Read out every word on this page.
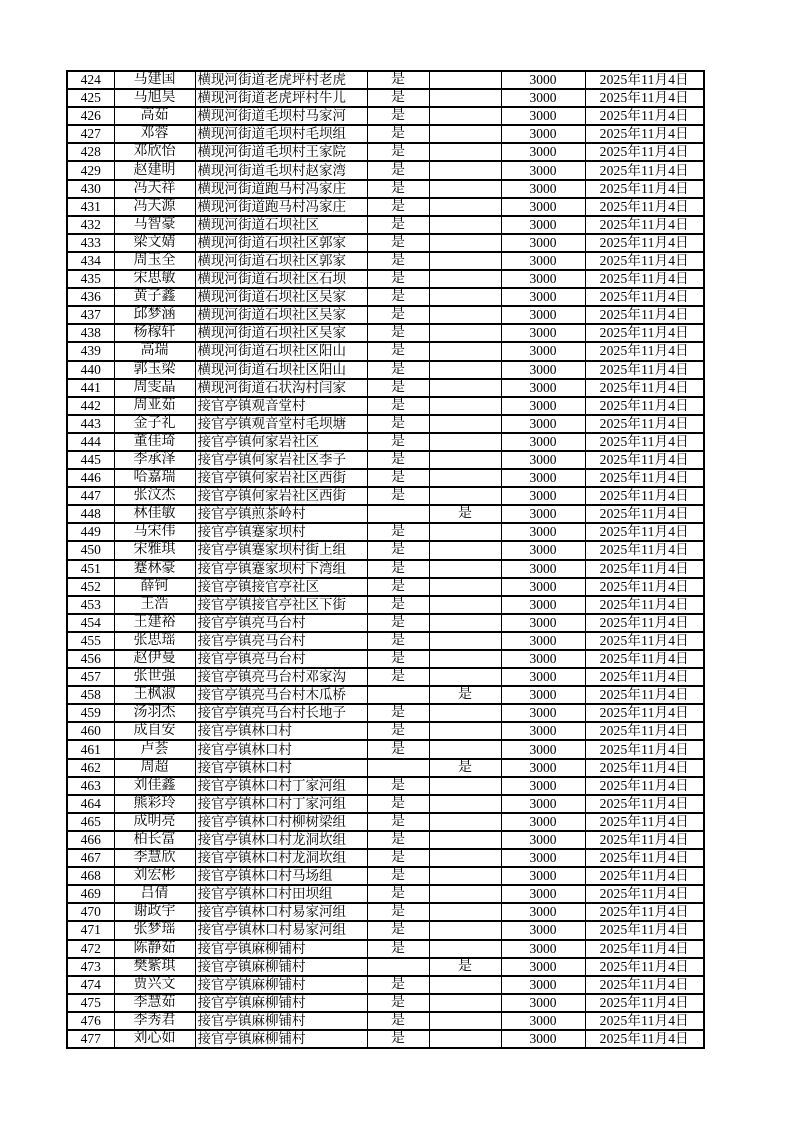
424	马建国	横现河街道老虎坪村老虎	是		3000	2025年11月4日
425	马旭昊	横现河街道老虎坪村牛儿	是		3000	2025年11月4日
426	高茹	横现河街道毛坝村马家河	是		3000	2025年11月4日
427	邓蓉	横现河街道毛坝村毛坝组	是		3000	2025年11月4日
428	邓欣怡	横现河街道毛坝村王家院	是		3000	2025年11月4日
429	赵建明	横现河街道毛坝村赵家湾	是		3000	2025年11月4日
430	冯天祥	横现河街道跑马村冯家庄	是		3000	2025年11月4日
431	冯天源	横现河街道跑马村冯家庄	是		3000	2025年11月4日
432	马智豪	横现河街道石坝社区	是		3000	2025年11月4日
433	梁文婧	横现河街道石坝社区郭家	是		3000	2025年11月4日
434	周玉全	横现河街道石坝社区郭家	是		3000	2025年11月4日
435	宋思敏	横现河街道石坝社区石坝	是		3000	2025年11月4日
436	黄子鑫	横现河街道石坝社区吴家	是		3000	2025年11月4日
437	邱梦涵	横现河街道石坝社区吴家	是		3000	2025年11月4日
438	杨稼轩	横现河街道石坝社区吴家	是		3000	2025年11月4日
439	高瑞	横现河街道石坝社区阳山	是		3000	2025年11月4日
440	郭玉梁	横现河街道石坝社区阳山	是		3000	2025年11月4日
441	周雯晶	横现河街道石状沟村闫家	是		3000	2025年11月4日
442	周亚茹	接官亭镇观音堂村	是		3000	2025年11月4日
443	金子礼	接官亭镇观音堂村毛坝塘	是		3000	2025年11月4日
444	董佳琦	接官亭镇何家岩社区	是		3000	2025年11月4日
445	李承泽	接官亭镇何家岩社区李子	是		3000	2025年11月4日
446	哈嘉瑞	接官亭镇何家岩社区西街	是		3000	2025年11月4日
447	张汶杰	接官亭镇何家岩社区西街	是		3000	2025年11月4日
448	林佳敏	接官亭镇煎茶岭村		是	3000	2025年11月4日
449	马宋伟	接官亭镇蹇家坝村	是		3000	2025年11月4日
450	宋雅琪	接官亭镇蹇家坝村街上组	是		3000	2025年11月4日
451	蹇林豪	接官亭镇蹇家坝村下湾组	是		3000	2025年11月4日
452	薛钶	接官亭镇接官亭社区	是		3000	2025年11月4日
453	王浩	接官亭镇接官亭社区下街	是		3000	2025年11月4日
454	王建裕	接官亭镇亮马台村	是		3000	2025年11月4日
455	张思瑶	接官亭镇亮马台村	是		3000	2025年11月4日
456	赵伊曼	接官亭镇亮马台村	是		3000	2025年11月4日
457	张世强	接官亭镇亮马台村邓家沟	是		3000	2025年11月4日
458	王枫淑	接官亭镇亮马台村木瓜桥		是	3000	2025年11月4日
459	汤羽杰	接官亭镇亮马台村长地子	是		3000	2025年11月4日
460	成自安	接官亭镇林口村	是		3000	2025年11月4日
461	卢荟	接官亭镇林口村	是		3000	2025年11月4日
462	周超	接官亭镇林口村		是	3000	2025年11月4日
463	刘佳鑫	接官亭镇林口村丁家河组	是		3000	2025年11月4日
464	熊彩玲	接官亭镇林口村丁家河组	是		3000	2025年11月4日
465	成明亮	接官亭镇林口村柳树梁组	是		3000	2025年11月4日
466	柏长富	接官亭镇林口村龙洞坎组	是		3000	2025年11月4日
467	李慧欣	接官亭镇林口村龙洞坎组	是		3000	2025年11月4日
468	刘宏彬	接官亭镇林口村马场组	是		3000	2025年11月4日
469	吕倩	接官亭镇林口村田坝组	是		3000	2025年11月4日
470	谢政宇	接官亭镇林口村易家河组	是		3000	2025年11月4日
471	张梦瑶	接官亭镇林口村易家河组	是		3000	2025年11月4日
472	陈静茹	接官亭镇麻柳铺村	是		3000	2025年11月4日
473	樊紫琪	接官亭镇麻柳铺村		是	3000	2025年11月4日
474	贾兴文	接官亭镇麻柳铺村	是		3000	2025年11月4日
475	李慧茹	接官亭镇麻柳铺村	是		3000	2025年11月4日
476	李秀君	接官亭镇麻柳铺村	是		3000	2025年11月4日
477	刘心如	接官亭镇麻柳铺村	是		3000	2025年11月4日
